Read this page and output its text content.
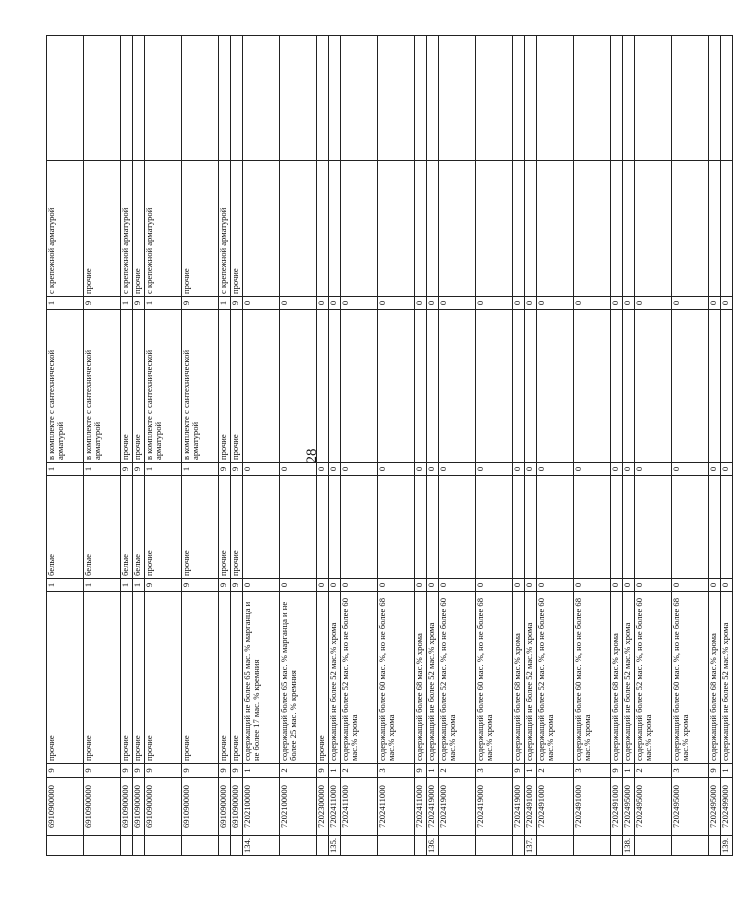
28
	6910900000	9	прочие	1	белые	1	в комплекте с сантехнической арматурой	1	с крепежной арматурой	
	6910900000	9	прочие	1	белые	1	в комплекте с сантехнической арматурой	9	прочие	
	6910900000	9	прочие	1	белые	9	прочие	1	с крепежной арматурой	
	6910900000	9	прочие	1	белые	9	прочие	9	прочие	
	6910900000	9	прочие	9	прочие	1	в комплекте с сантехнической арматурой	1	с крепежной арматурой	
	6910900000	9	прочие	9	прочие	1	в комплекте с сантехнической арматурой	9	прочие	
	6910900000	9	прочие	9	прочие	9	прочие	1	с крепежной арматурой	
	6910900000	9	прочие	9	прочие	9	прочие	9	прочие	
134.	7202100000	1	содержащий не более 65 мас. % марганца и не более 17 мас. % кремния	0		0		0		
	7202100000	2	содержащий более 65 мас. % марганца и не более 25 мас. % кремния	0		0		0		
	7202300000	9	прочие	0		0		0		
135.	7202411000	1	содержащий не более 52 мас.% хрома	0		0		0		
	7202411000	2	содержащий более 52 мас. %, но не более 60 мас.% хрома	0		0		0		
	7202411000	3	содержащий более 60 мас. %, но не более 68 мас.% хрома	0		0		0		
	7202411000	9	содержащий более 68 мас.% хрома	0		0		0		
136.	7202419000	1	содержащий не более 52 мас.% хрома	0		0		0		
	7202419000	2	содержащий более 52 мас. %, но не более 60 мас.% хрома	0		0		0		
	7202419000	3	содержащий более 60 мас. %, но не более 68 мас.% хрома	0		0		0		
	7202419000	9	содержащий более 68 мас.% хрома	0		0		0		
137.	7202491000	1	содержащий не более 52 мас.% хрома	0		0		0		
	7202491000	2	содержащий более 52 мас. %, но не более 60 мас.% хрома	0		0		0		
	7202491000	3	содержащий более 60 мас. %, но не более 68 мас.% хрома	0		0		0		
	7202491000	9	содержащий более 68 мас.% хрома	0		0		0		
138.	7202495000	1	содержащий не более 52 мас.% хрома	0		0		0		
	7202495000	2	содержащий более 52 мас. %, но не более 60 мас.% хрома	0		0		0		
	7202495000	3	содержащий более 60 мас. %, но не более 68 мас.% хрома	0		0		0		
	7202495000	9	содержащий более 68 мас.% хрома	0		0		0		
139.	7202499000	1	содержащий не более 52 мас.% хрома	0		0		0		
